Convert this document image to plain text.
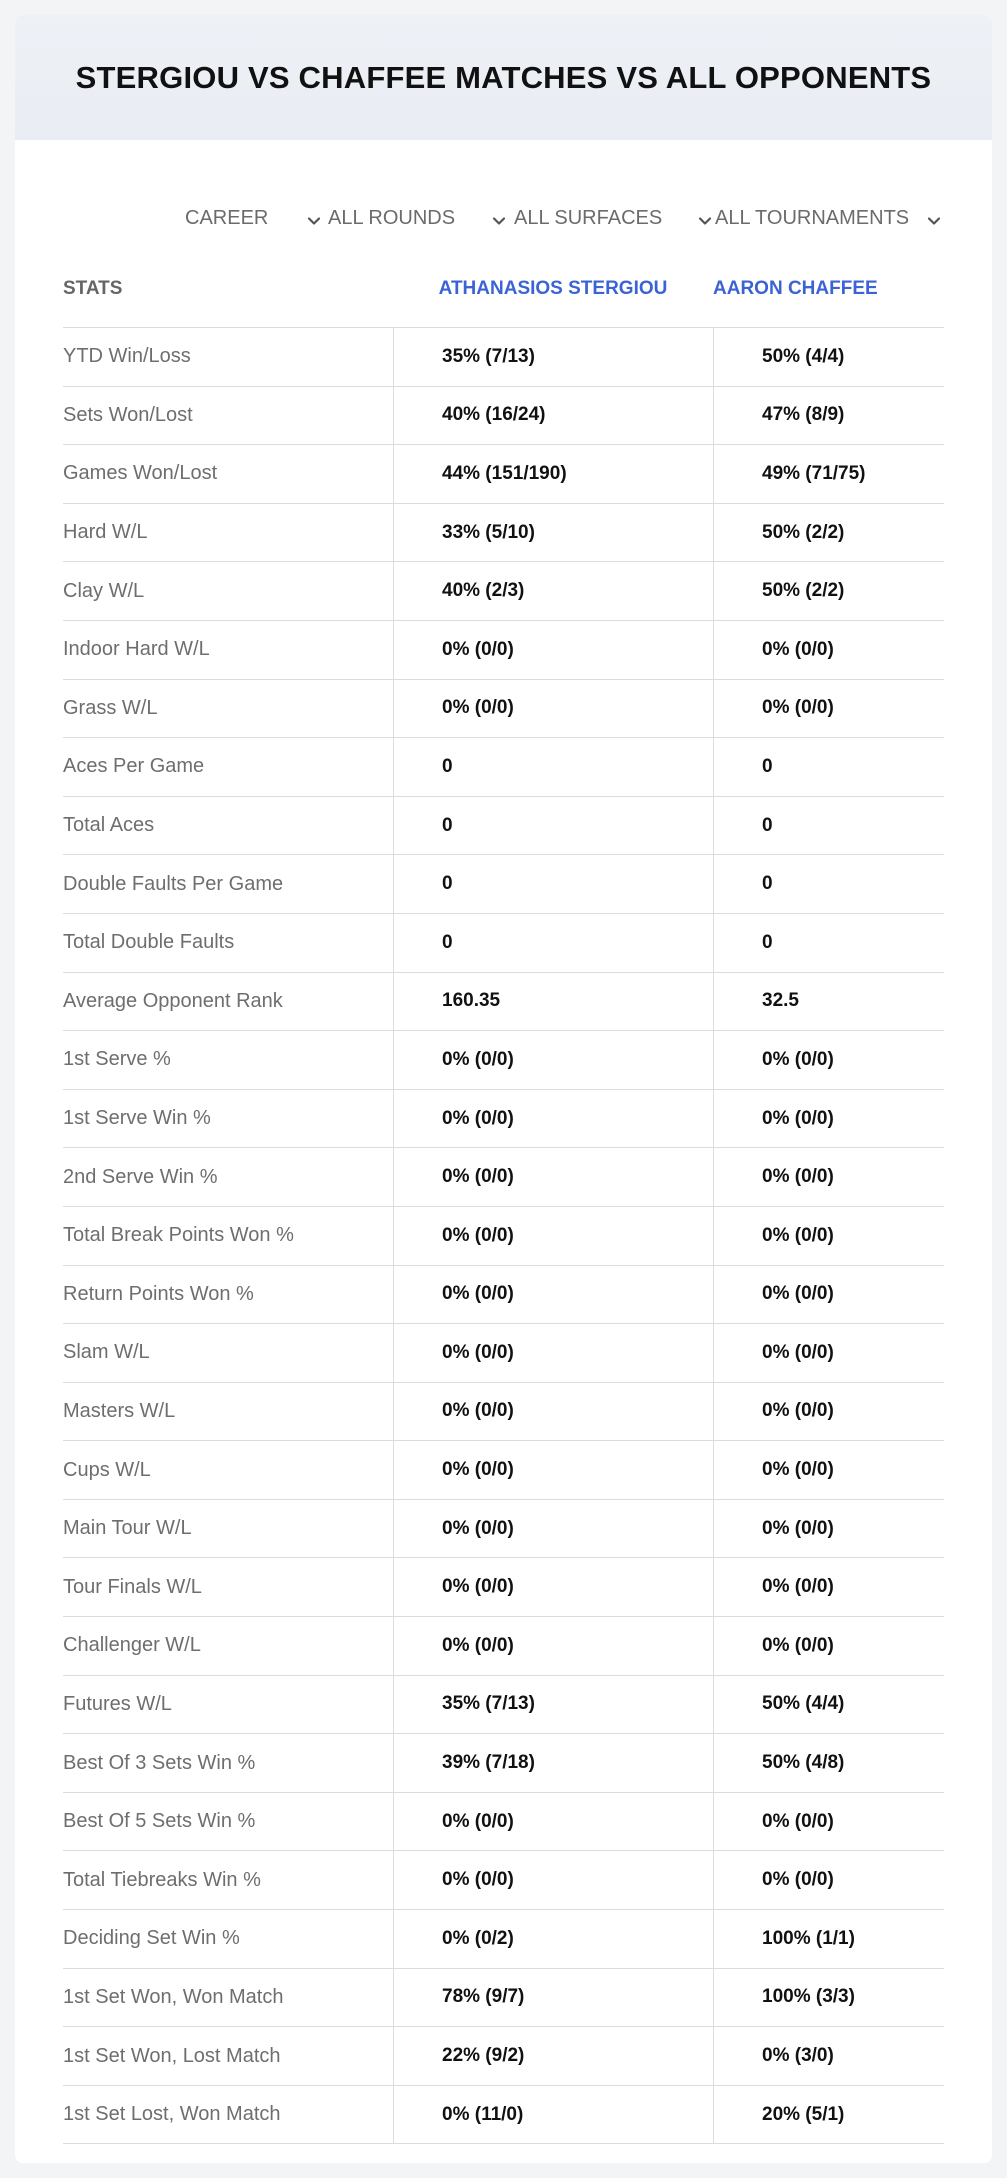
STERGIOU VS CHAFFEE MATCHES VS ALL OPPONENTS
CAREER	ALL ROUNDS	ALL SURFACES	ALL TOURNAMENTS
STATS	ATHANASIOS STERGIOU	AARON CHAFFEE
YTD Win/Loss	35% (7/13)	50% (4/4)
Sets Won/Lost	40% (16/24)	47% (8/9)
Games Won/Lost	44% (151/190)	49% (71/75)
Hard W/L	33% (5/10)	50% (2/2)
Clay W/L	40% (2/3)	50% (2/2)
Indoor Hard W/L	0% (0/0)	0% (0/0)
Grass W/L	0% (0/0)	0% (0/0)
Aces Per Game	0	0
Total Aces	0	0
Double Faults Per Game	0	0
Total Double Faults	0	0
Average Opponent Rank	160.35	32.5
1st Serve %	0% (0/0)	0% (0/0)
1st Serve Win %	0% (0/0)	0% (0/0)
2nd Serve Win %	0% (0/0)	0% (0/0)
Total Break Points Won %	0% (0/0)	0% (0/0)
Return Points Won %	0% (0/0)	0% (0/0)
Slam W/L	0% (0/0)	0% (0/0)
Masters W/L	0% (0/0)	0% (0/0)
Cups W/L	0% (0/0)	0% (0/0)
Main Tour W/L	0% (0/0)	0% (0/0)
Tour Finals W/L	0% (0/0)	0% (0/0)
Challenger W/L	0% (0/0)	0% (0/0)
Futures W/L	35% (7/13)	50% (4/4)
Best Of 3 Sets Win %	39% (7/18)	50% (4/8)
Best Of 5 Sets Win %	0% (0/0)	0% (0/0)
Total Tiebreaks Win %	0% (0/0)	0% (0/0)
Deciding Set Win %	0% (0/2)	100% (1/1)
1st Set Won, Won Match	78% (9/7)	100% (3/3)
1st Set Won, Lost Match	22% (9/2)	0% (3/0)
1st Set Lost, Won Match	0% (11/0)	20% (5/1)
